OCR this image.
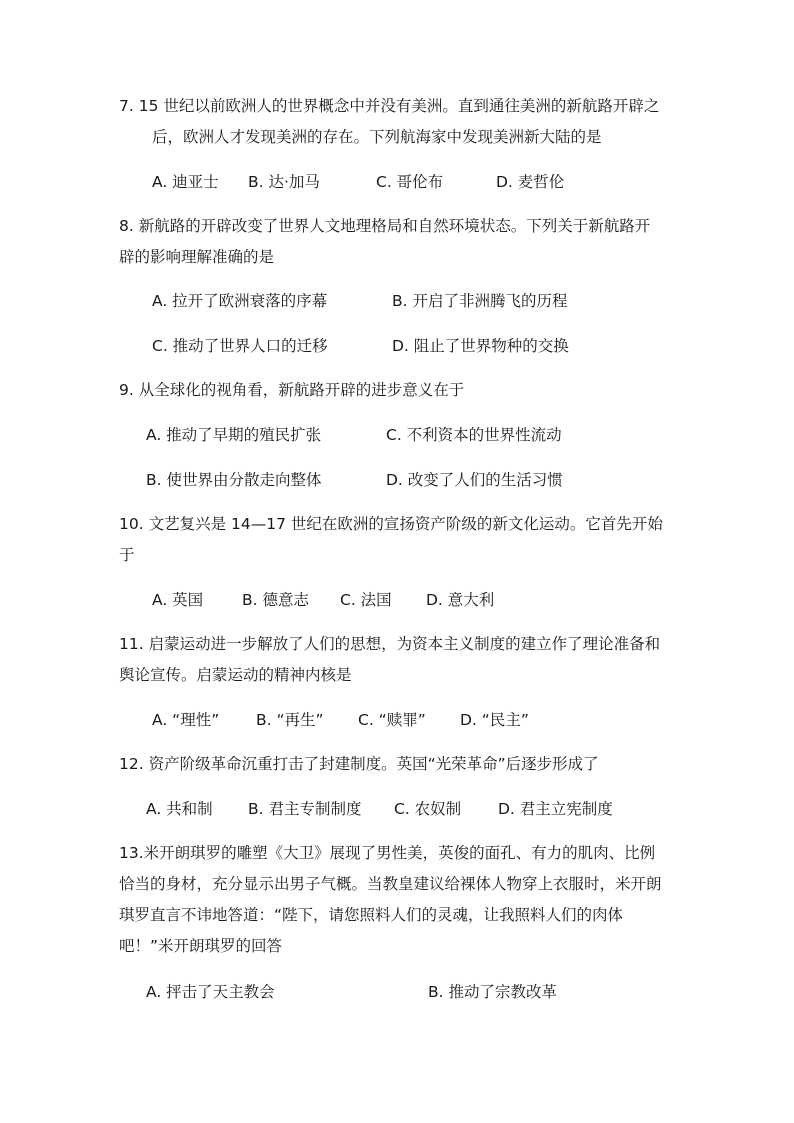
7. 15 世纪以前欧洲人的世界概念中并没有美洲。直到通往美洲的新航路开辟之
后，欧洲人才发现美洲的存在。下列航海家中发现美洲新大陆的是
A. 迪亚士 B. 达·加马	C. 哥伦布	D. 麦哲伦
8. 新航路的开辟改变了世界人文地理格局和自然环境状态。下列关于新航路开
辟的影响理解准确的是
A. 拉开了欧洲衰落的序幕	B. 开启了非洲腾飞的历程
C. 推动了世界人口的迁移	D. 阻止了世界物种的交换
9. 从全球化的视角看，新航路开辟的进步意义在于
A. 推动了早期的殖民扩张	C. 不利资本的世界性流动
B. 使世界由分散走向整体	D. 改变了人们的生活习惯
10. 文艺复兴是 14—17 世纪在欧洲的宣扬资产阶级的新文化运动。它首先开始
于
A. 英国	B. 德意志 C. 法国 D. 意大利
11. 启蒙运动进一步解放了人们的思想，为资本主义制度的建立作了理论准备和
舆论宣传。启蒙运动的精神内核是
A. “理性” B. “再生” C. “赎罪” D. “民主”
12. 资产阶级革命沉重打击了封建制度。英国“光荣革命”后逐步形成了
A. 共和制 B. 君主专制制度 C. 农奴制 D. 君主立宪制度
13.米开朗琪罗的雕塑《大卫》展现了男性美，英俊的面孔、有力的肌肉、比例
恰当的身材，充分显示出男子气概。当教皇建议给裸体人物穿上衣服时，米开朗
琪罗直言不讳地答道：“陛下，请您照料人们的灵魂，让我照料人们的肉体
吧！”米开朗琪罗的回答
A. 抨击了天主教会	B. 推动了宗教改革
